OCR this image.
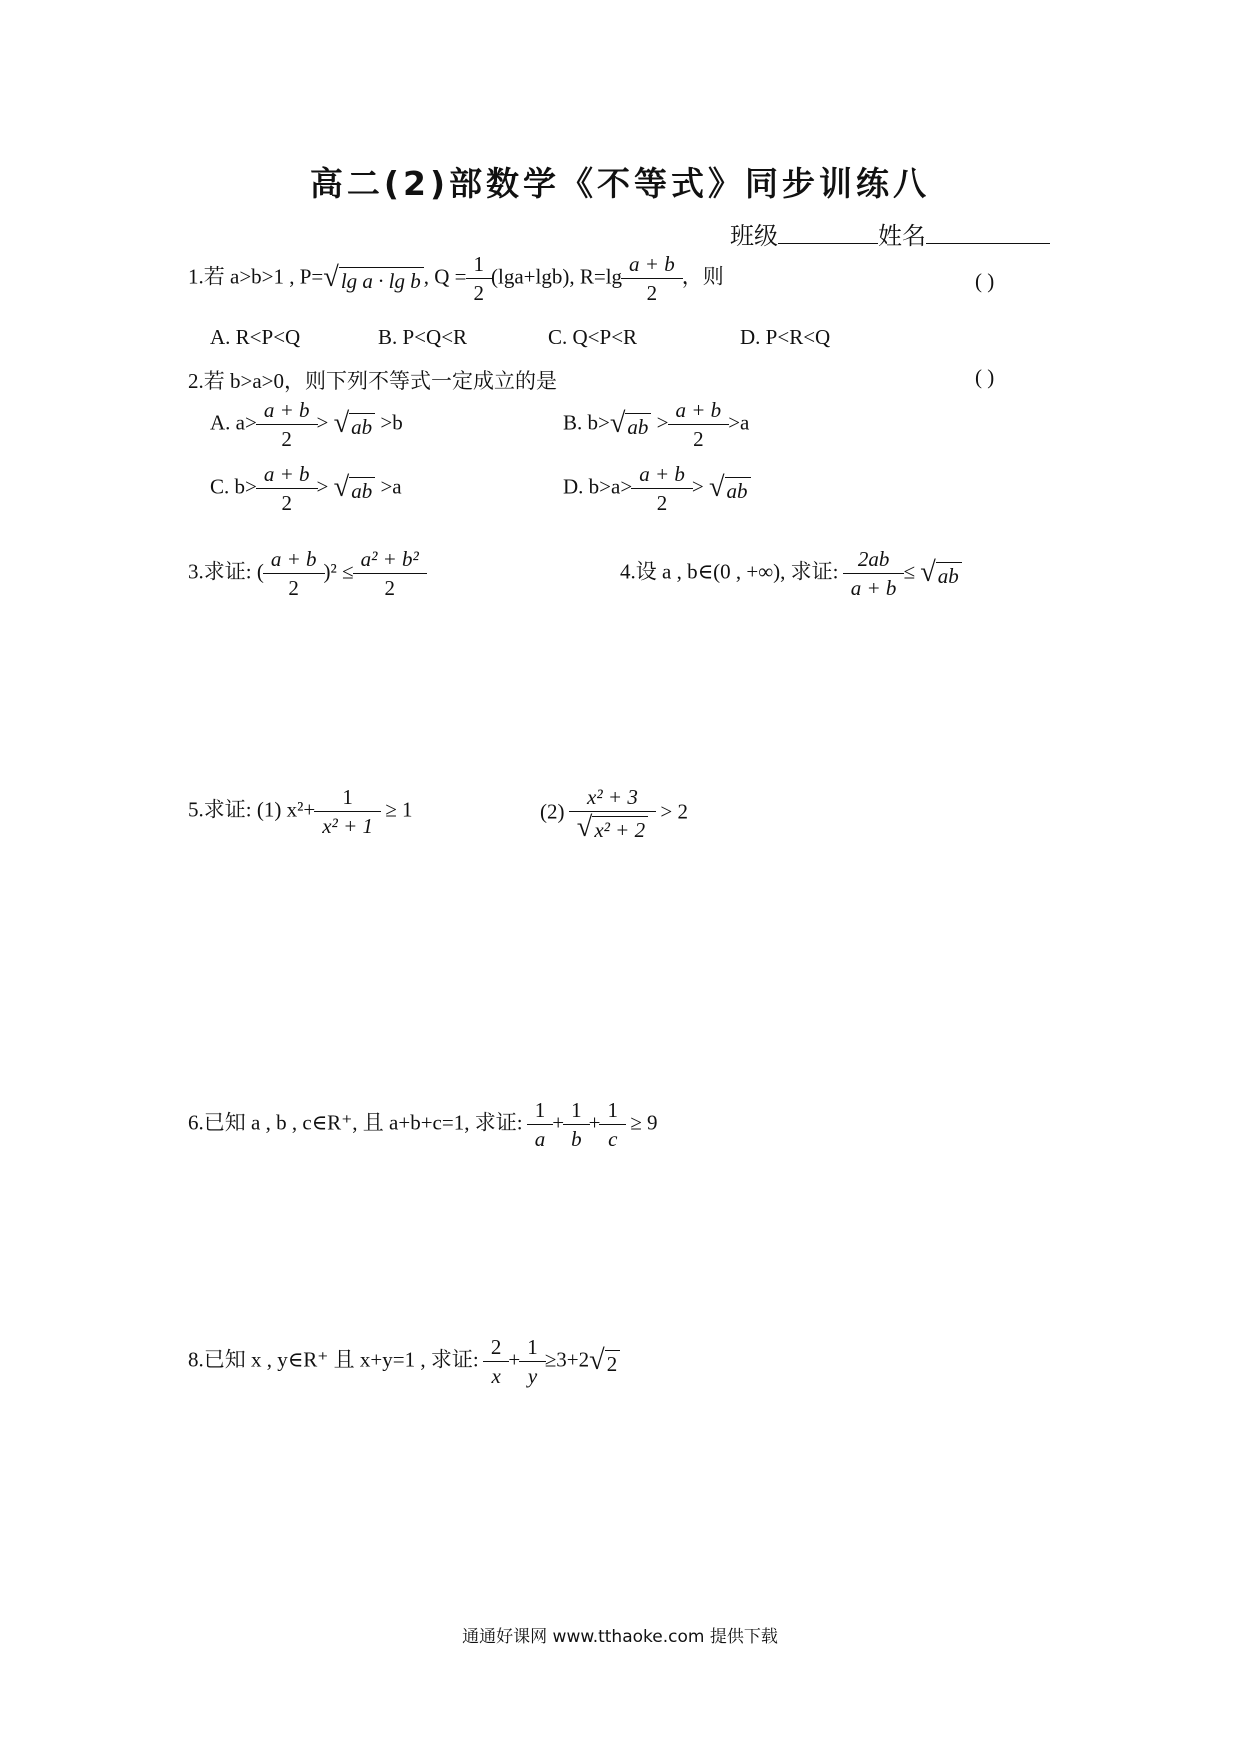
高二(2)部数学《不等式》同步训练八
班级	姓名
1.若 a>b>1 , P= √ lg a · lg b , $Q = \frac{1}{2} (\lg a+\lg b)$, $R=\lg \frac{a + b}{2}$ ，则	( )
A. R<P<Q	B. P<Q<R	C. Q<P<R	D. P<R<Q
2.若 b>a>0，则下列不等式一定成立的是	( )
A. $a> \frac{a + b}{2}$ > √ ab >b	B. b> √ ab > $\frac{a + b}{2} >a$
C. $b> \frac{a + b}{2}$ > √ ab >a	D. $b>a> \frac{a + b}{2}$ > √ ab
3.求证: ( $\frac{a + b}{2} )^2 \le \frac{\text{a² + b²}}{2}$	4.设 a , b∈(0 , +∞), 求证: $\frac{2ab}{a + b}$ ≤ √ ab
5.求证: (1) $x^2+ \frac{1}{\text{x² + 1}} \ge 1$	$(2) \frac{\text{x² + 3}}{\text{√ x² + 2}} > 2$
6.已知 a , b , c∈R⁺, 且 a+b+c=1, 求证: $\frac{1}{a} + \frac{1}{b} + \frac{1}{c} \ge 9$
8.已知 x , y∈R⁺ 且 x+y=1 , 求证: $\frac{2}{x} + \frac{1}{y} \ge 3+2$ √ 2
通通好课网 www.tthaoke.com 提供下载
